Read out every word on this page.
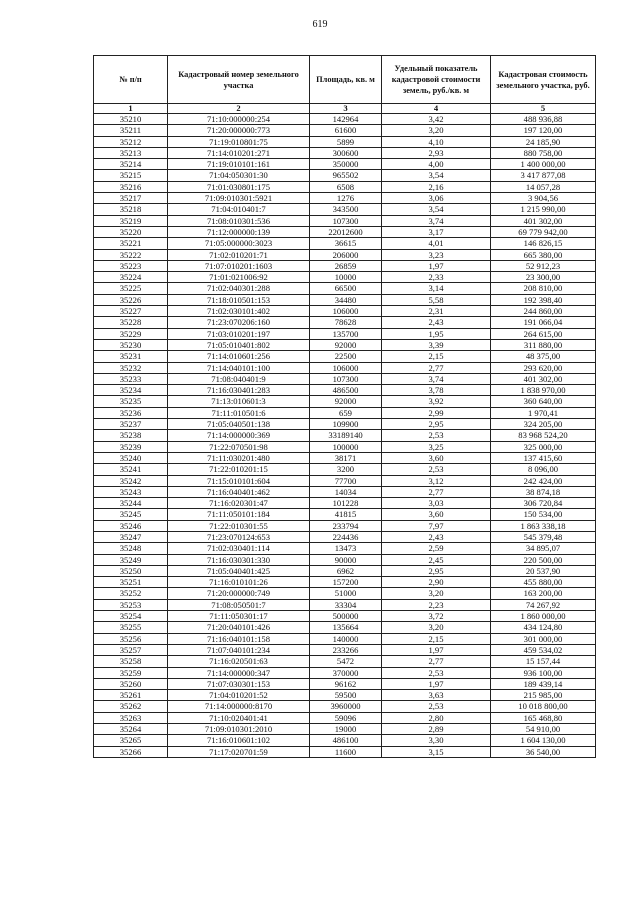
619
№ п/п	Кадастровый номер земельного участка	Площадь, кв. м	Удельный показатель кадастровой стоимости земель, руб./кв. м	Кадастровая стоимость земельного участка, руб.
1	2	3	4	5
35210	71:10:000000:254	142964	3,42	488 936,88
35211	71:20:000000:773	61600	3,20	197 120,00
35212	71:19:010801:75	5899	4,10	24 185,90
35213	71:14:010201:271	300600	2,93	880 758,00
35214	71:19:010101:161	350000	4,00	1 400 000,00
35215	71:04:050301:30	965502	3,54	3 417 877,08
35216	71:01:030801:175	6508	2,16	14 057,28
35217	71:09:010301:5921	1276	3,06	3 904,56
35218	71:04:010401:7	343500	3,54	1 215 990,00
35219	71:08:010301:536	107300	3,74	401 302,00
35220	71:12:000000:139	22012600	3,17	69 779 942,00
35221	71:05:000000:3023	36615	4,01	146 826,15
35222	71:02:010201:71	206000	3,23	665 380,00
35223	71:07:010201:1603	26859	1,97	52 912,23
35224	71:01:021006:92	10000	2,33	23 300,00
35225	71:02:040301:288	66500	3,14	208 810,00
35226	71:18:010501:153	34480	5,58	192 398,40
35227	71:02:030101:402	106000	2,31	244 860,00
35228	71:23:070206:160	78628	2,43	191 066,04
35229	71:03:010201:197	135700	1,95	264 615,00
35230	71:05:010401:802	92000	3,39	311 880,00
35231	71:14:010601:256	22500	2,15	48 375,00
35232	71:14:040101:100	106000	2,77	293 620,00
35233	71:08:040401:9	107300	3,74	401 302,00
35234	71:16:030401:283	486500	3,78	1 838 970,00
35235	71:13:010601:3	92000	3,92	360 640,00
35236	71:11:010501:6	659	2,99	1 970,41
35237	71:05:040501:138	109900	2,95	324 205,00
35238	71:14:000000:369	33189140	2,53	83 968 524,20
35239	71:22:070501:98	100000	3,25	325 000,00
35240	71:11:030201:480	38171	3,60	137 415,60
35241	71:22:010201:15	3200	2,53	8 096,00
35242	71:15:010101:604	77700	3,12	242 424,00
35243	71:16:040401:462	14034	2,77	38 874,18
35244	71:16:020301:47	101228	3,03	306 720,84
35245	71:11:050101:184	41815	3,60	150 534,00
35246	71:22:010301:55	233794	7,97	1 863 338,18
35247	71:23:070124:653	224436	2,43	545 379,48
35248	71:02:030401:114	13473	2,59	34 895,07
35249	71:16:030301:330	90000	2,45	220 500,00
35250	71:05:040401:425	6962	2,95	20 537,90
35251	71:16:010101:26	157200	2,90	455 880,00
35252	71:20:000000:749	51000	3,20	163 200,00
35253	71:08:050501:7	33304	2,23	74 267,92
35254	71:11:050301:17	500000	3,72	1 860 000,00
35255	71:20:040101:426	135664	3,20	434 124,80
35256	71:16:040101:158	140000	2,15	301 000,00
35257	71:07:040101:234	233266	1,97	459 534,02
35258	71:16:020501:63	5472	2,77	15 157,44
35259	71:14:000000:347	370000	2,53	936 100,00
35260	71:07:030301:153	96162	1,97	189 439,14
35261	71:04:010201:52	59500	3,63	215 985,00
35262	71:14:000000:8170	3960000	2,53	10 018 800,00
35263	71:10:020401:41	59096	2,80	165 468,80
35264	71:09:010301:2010	19000	2,89	54 910,00
35265	71:16:010601:102	486100	3,30	1 604 130,00
35266	71:17:020701:59	11600	3,15	36 540,00
